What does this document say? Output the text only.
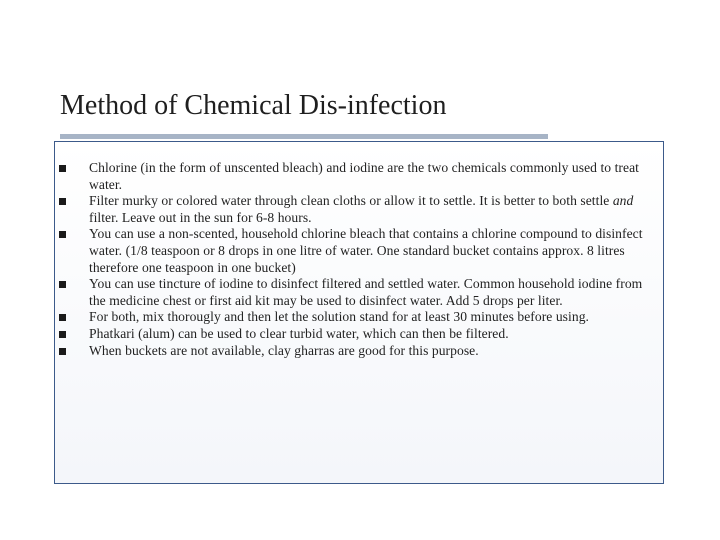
Method of Chemical Dis-infection
Chlorine (in the form of unscented bleach) and iodine are the two chemicals commonly used to treat water.
Filter murky or colored water through clean cloths or allow it to settle. It is better to both settle and filter. Leave out in the sun for 6-8 hours.
You can use a non-scented, household chlorine bleach that contains a chlorine compound to disinfect water. (1/8 teaspoon or 8 drops in one litre of water. One standard bucket contains approx. 8 litres therefore one teaspoon in one bucket)
You can use tincture of iodine to disinfect filtered and settled water. Common household iodine from the medicine chest or first aid kit may be used to disinfect water. Add 5 drops per liter.
For both, mix thorougly and then let the solution stand for at least 30 minutes before using.
Phatkari (alum) can be used to clear turbid water, which can then be filtered.
When buckets are not available, clay gharras are good for this purpose.
